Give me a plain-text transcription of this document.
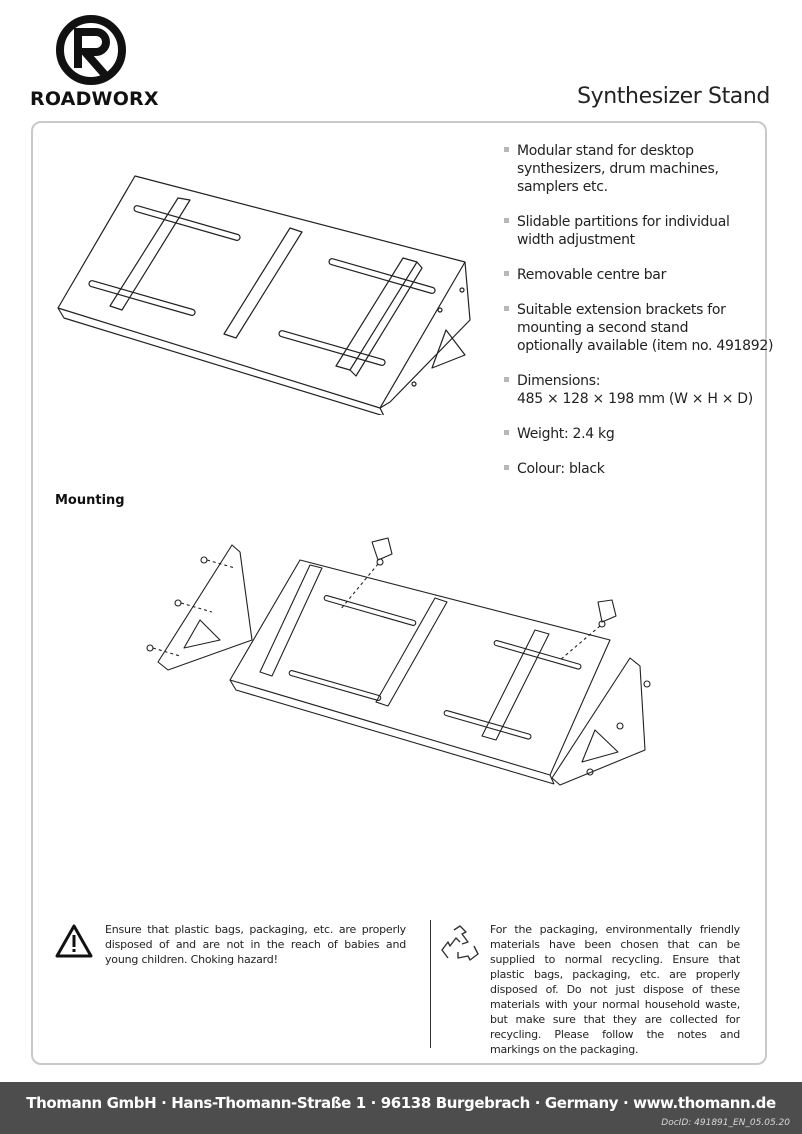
ROADWORX	Synthesizer Stand
Modular stand for desktop
synthesizers, drum machines,
samplers etc.
Slidable partitions for individual
width adjustment
Removable centre bar
Suitable extension brackets for
mounting a second stand
optionally available (item no. 491892)
Dimensions:
485 × 128 × 198 mm (W × H × D)
Weight: 2.4 kg
Colour: black
Mounting
Ensure that plastic bags, packaging, etc. are properly disposed of and are not in the reach of babies and young children. Choking hazard!
For the packaging, environmentally friendly materials have been chosen that can be supplied to normal recycling. Ensure that plastic bags, packaging, etc. are properly disposed of. Do not just dispose of these materials with your normal household waste, but make sure that they are collected for recycling. Please follow the notes and markings on the packaging.
Thomann GmbH · Hans-Thomann-Straße 1 · 96138 Burgebrach · Germany · www.thomann.de
DocID: 491891_EN_05.05.20
